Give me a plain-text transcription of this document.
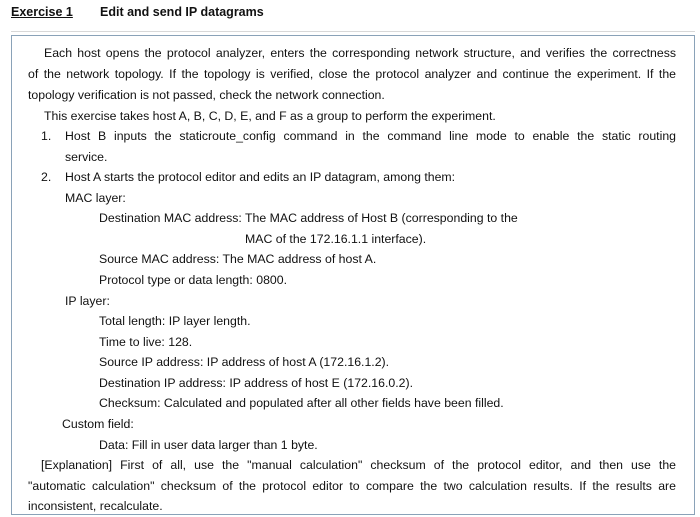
Exercise 1 Edit and send IP datagrams
Each host opens the protocol analyzer, enters the corresponding network structure, and verifies the correctness
of the network topology. If the topology is verified, close the protocol analyzer and continue the experiment. If the
topology verification is not passed, check the network connection.
This exercise takes host A, B, C, D, E, and F as a group to perform the experiment.
1. Host B inputs the staticroute_config command in the command line mode to enable the static routing
service.
2. Host A starts the protocol editor and edits an IP datagram, among them:
MAC layer:
Destination MAC address: The MAC address of Host B (corresponding to the
MAC of the 172.16.1.1 interface).
Source MAC address: The MAC address of host A.
Protocol type or data length: 0800.
IP layer:
Total length: IP layer length.
Time to live: 128.
Source IP address: IP address of host A (172.16.1.2).
Destination IP address: IP address of host E (172.16.0.2).
Checksum: Calculated and populated after all other fields have been filled.
Custom field:
Data: Fill in user data larger than 1 byte.
[Explanation] First of all, use the "manual calculation" checksum of the protocol editor, and then use the
"automatic calculation" checksum of the protocol editor to compare the two calculation results. If the results are
inconsistent, recalculate.
